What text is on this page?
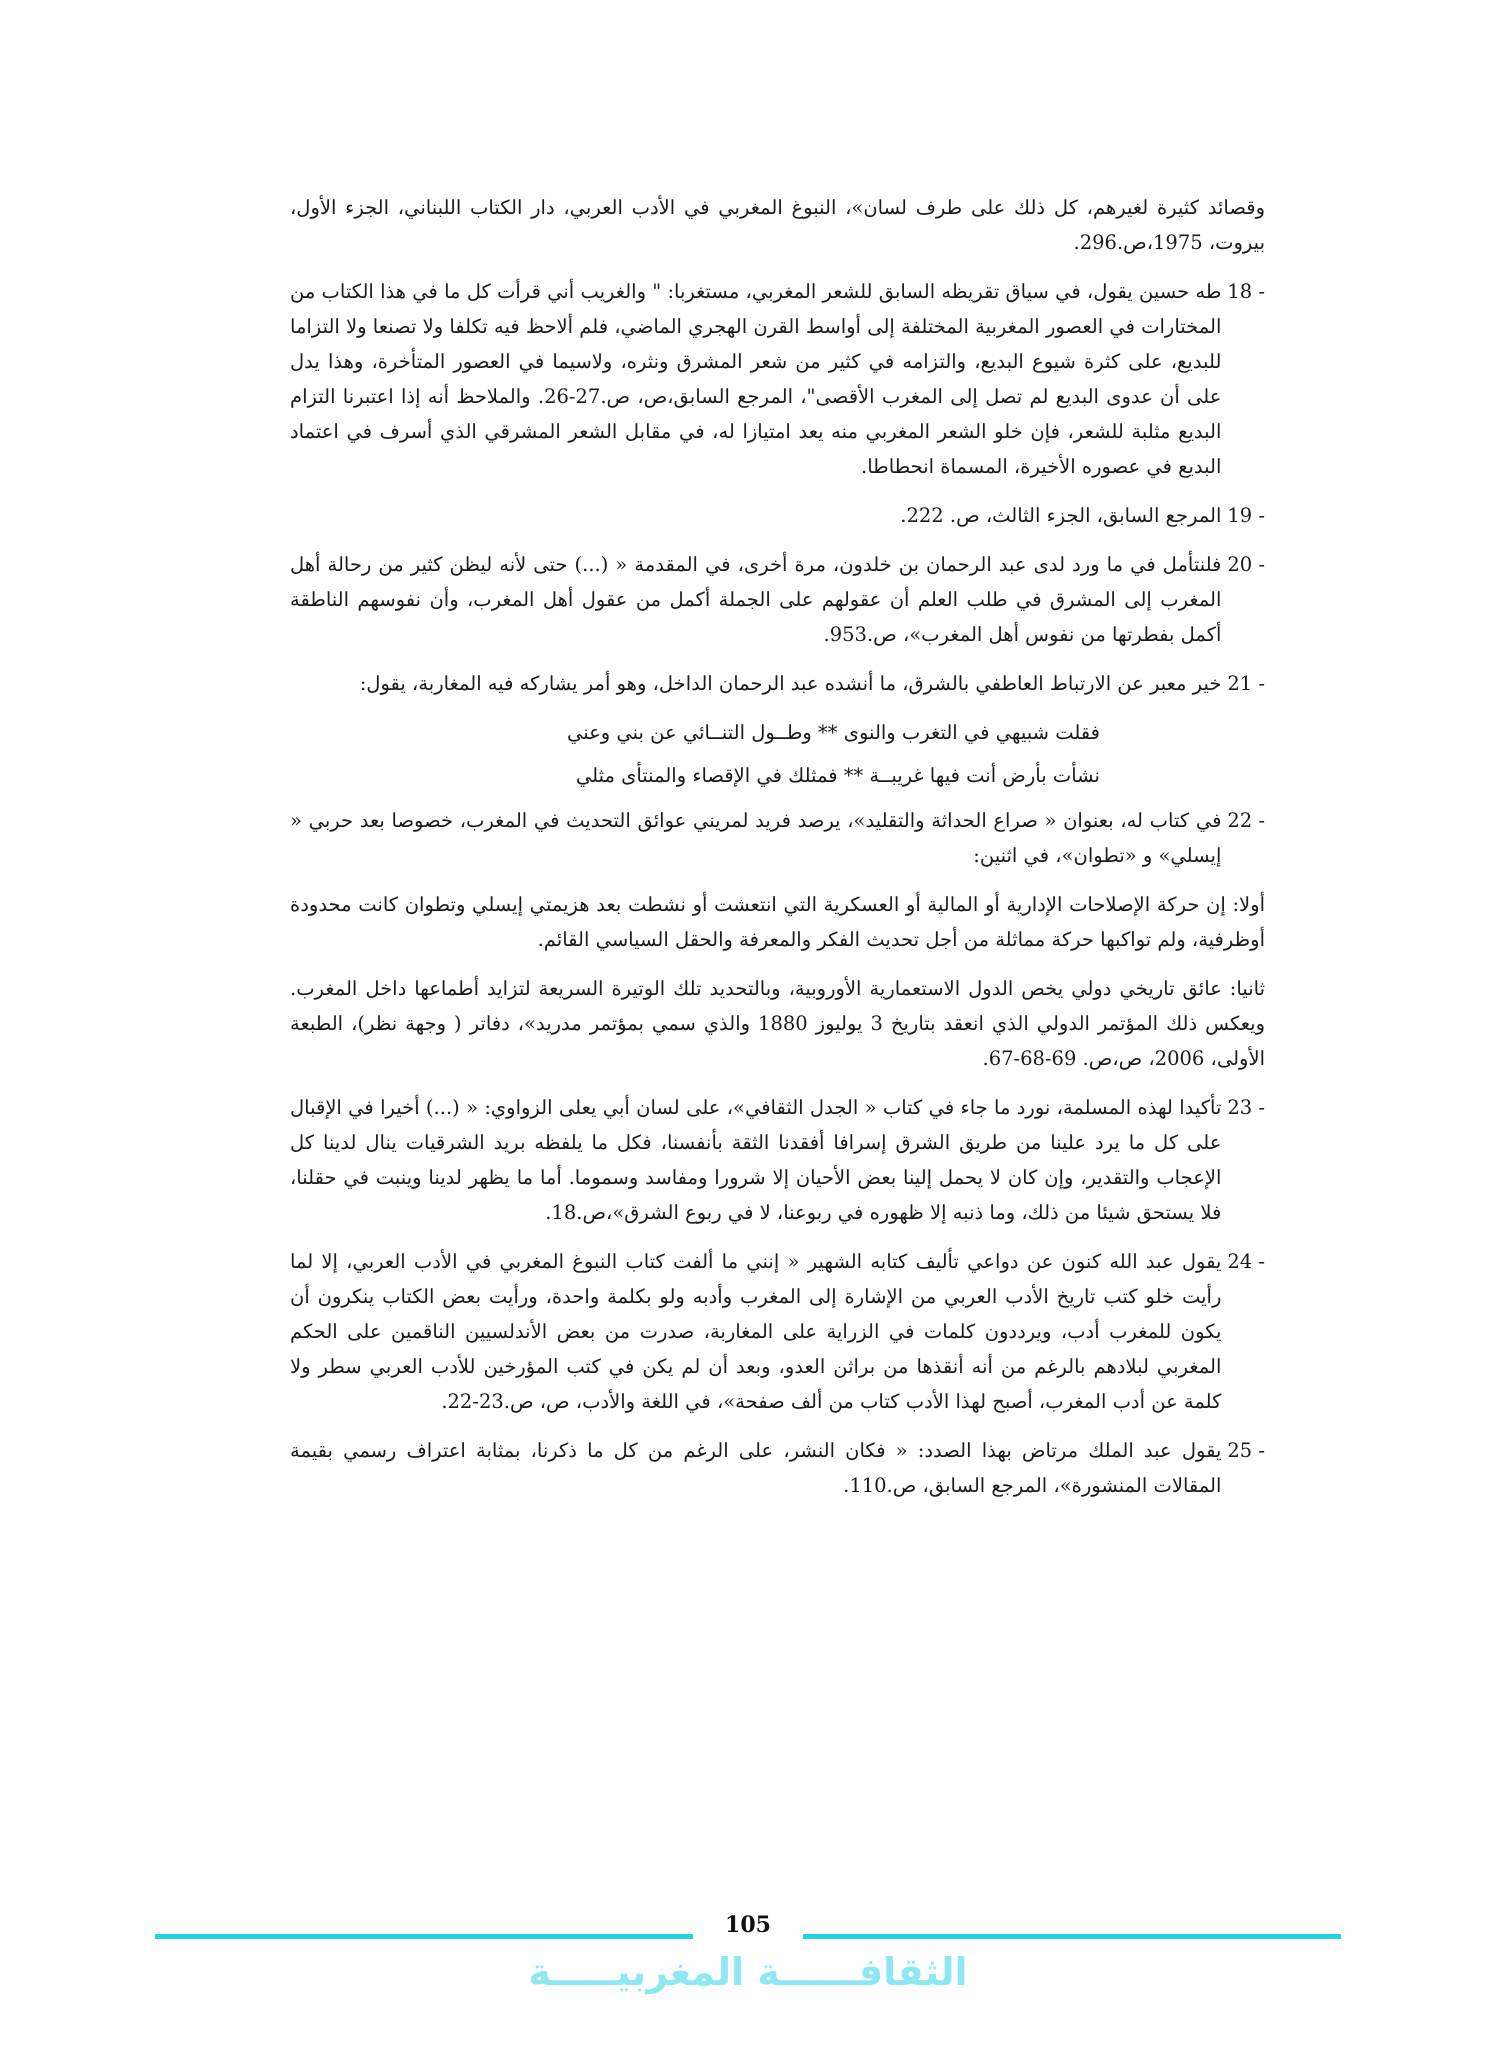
وقصائد كثيرة لغيرهم، كل ذلك على طرف لسان»، النبوغ المغربي في الأدب العربي، دار الكتاب اللبناني، الجزء الأول، بيروت، 1975،ص.296.

18 -
طه حسين يقول، في سياق تقريظه السابق للشعر المغربي، مستغربا: " والغريب أني قرأت كل ما في هذا الكتاب من المختارات في العصور المغربية المختلفة إلى أواسط القرن الهجري الماضي، فلم ألاحظ فيه تكلفا ولا تصنعا ولا التزاما للبديع، على كثرة شيوع البديع، والتزامه في كثير من شعر المشرق ونثره، ولاسيما في العصور المتأخرة، وهذا يدل على أن عدوى البديع لم تصل إلى المغرب الأقصى"، المرجع السابق،ص، ص.27-26. والملاحظ أنه إذا اعتبرنا التزام البديع مثلبة للشعر، فإن خلو الشعر المغربي منه يعد امتيازا له، في مقابل الشعر المشرقي الذي أسرف في اعتماد البديع في عصوره الأخيرة، المسماة انحطاطا.
19 -
المرجع السابق، الجزء الثالث، ص. 222.
20 -
فلنتأمل في ما ورد لدى عبد الرحمان بن خلدون، مرة أخرى، في المقدمة « (...) حتى لأنه ليظن كثير من رحالة أهل المغرب إلى المشرق في طلب العلم أن عقولهم على الجملة أكمل من عقول أهل المغرب، وأن نفوسهم الناطقة أكمل بفطرتها من نفوس أهل المغرب»، ص.953.
21 -
خير معبر عن الارتباط العاطفي بالشرق، ما أنشده عبد الرحمان الداخل، وهو أمر يشاركه فيه المغاربة، يقول:

فقلت شبيهي في التغرب والنوى ** وطــول التنــائي عن بني وعني

نشأت بأرض أنت فيها غريبــة ** فمثلك في الإقصاء والمنتأى مثلي

22 -
في كتاب له، بعنوان « صراع الحداثة والتقليد»، يرصد فريد لمريني عوائق التحديث في المغرب، خصوصا بعد حربي « إيسلي» و «تطوان»، في اثنين:

أولا: إن حركة الإصلاحات الإدارية أو المالية أو العسكرية التي انتعشت أو نشطت بعد هزيمتي إيسلي وتطوان كانت محدودة أوظرفية، ولم تواكبها حركة مماثلة من أجل تحديث الفكر والمعرفة والحقل السياسي القائم.

ثانيا: عائق تاريخي دولي يخص الدول الاستعمارية الأوروبية، وبالتحديد تلك الوتيرة السريعة لتزايد أطماعها داخل المغرب. ويعكس ذلك المؤتمر الدولي الذي انعقد بتاريخ 3 يوليوز 1880 والذي سمي بمؤتمر مدريد»، دفاتر ( وجهة نظر)، الطبعة الأولى، 2006، ص،ص. 69-68-67.

23 -
تأكيدا لهذه المسلمة، نورد ما جاء في كتاب « الجدل الثقافي»، على لسان أبي يعلى الزواوي: « (...) أخيرا في الإقبال على كل ما يرد علينا من طريق الشرق إسرافا أفقدنا الثقة بأنفسنا، فكل ما يلفظه بريد الشرقيات ينال لدينا كل الإعجاب والتقدير، وإن كان لا يحمل إلينا بعض الأحيان إلا شرورا ومفاسد وسموما. أما ما يظهر لدينا وينبت في حقلنا، فلا يستحق شيئا من ذلك، وما ذنبه إلا ظهوره في ربوعنا، لا في ربوع الشرق»،ص.18.
24 -
يقول عبد الله كنون عن دواعي تأليف كتابه الشهير « إنني ما ألفت كتاب النبوغ المغربي في الأدب العربي، إلا لما رأيت خلو كتب تاريخ الأدب العربي من الإشارة إلى المغرب وأدبه ولو بكلمة واحدة، ورأيت بعض الكتاب ينكرون أن يكون للمغرب أدب، ويرددون كلمات في الزراية على المغاربة، صدرت من بعض الأندلسيين الناقمين على الحكم المغربي لبلادهم بالرغم من أنه أنقذها من براثن العدو، وبعد أن لم يكن في كتب المؤرخين للأدب العربي سطر ولا كلمة عن أدب المغرب، أصبح لهذا الأدب كتاب من ألف صفحة»، في اللغة والأدب، ص، ص.23-22.
25 -
يقول عبد الملك مرتاض بهذا الصدد: « فكان النشر، على الرغم من كل ما ذكرنا، بمثابة اعتراف رسمي بقيمة المقالات المنشورة»، المرجع السابق، ص.110.
105
الثقافــــــة المغربيـــــة
